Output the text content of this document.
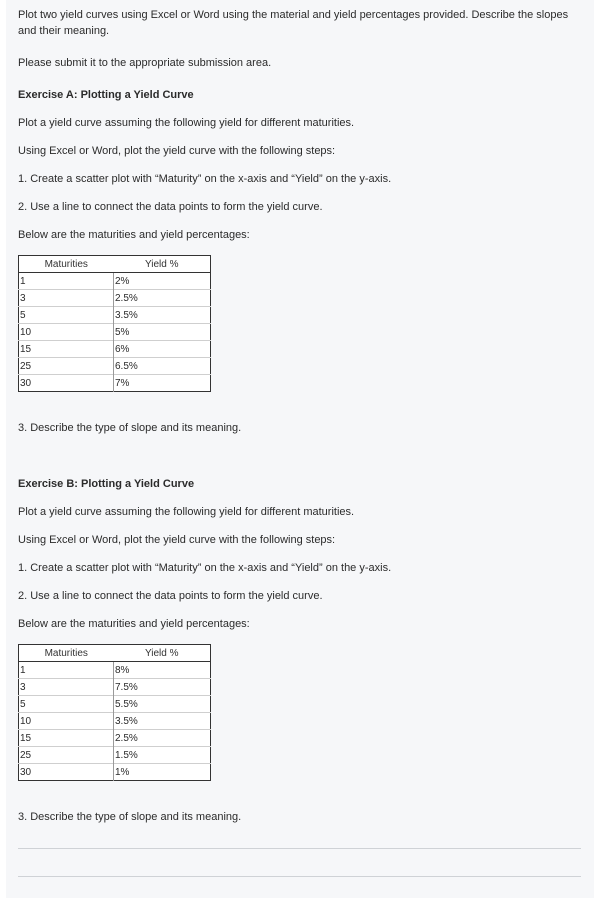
Plot two yield curves using Excel or Word using the material and yield percentages provided. Describe the slopes and their meaning.

Please submit it to the appropriate submission area.

Exercise A: Plotting a Yield Curve

Plot a yield curve assuming the following yield for different maturities.

Using Excel or Word, plot the yield curve with the following steps:

1. Create a scatter plot with “Maturity” on the x-axis and “Yield” on the y-axis.

2. Use a line to connect the data points to form the yield curve.

Below are the maturities and yield percentages:

Maturities	Yield %
1	2%
3	2.5%
5	3.5%
10	5%
15	6%
25	6.5%
30	7%

3. Describe the type of slope and its meaning.

Exercise B: Plotting a Yield Curve

Plot a yield curve assuming the following yield for different maturities.

Using Excel or Word, plot the yield curve with the following steps:

1. Create a scatter plot with “Maturity” on the x-axis and “Yield” on the y-axis.

2. Use a line to connect the data points to form the yield curve.

Below are the maturities and yield percentages:

Maturities	Yield %
1	8%
3	7.5%
5	5.5%
10	3.5%
15	2.5%
25	1.5%
30	1%

3. Describe the type of slope and its meaning.
